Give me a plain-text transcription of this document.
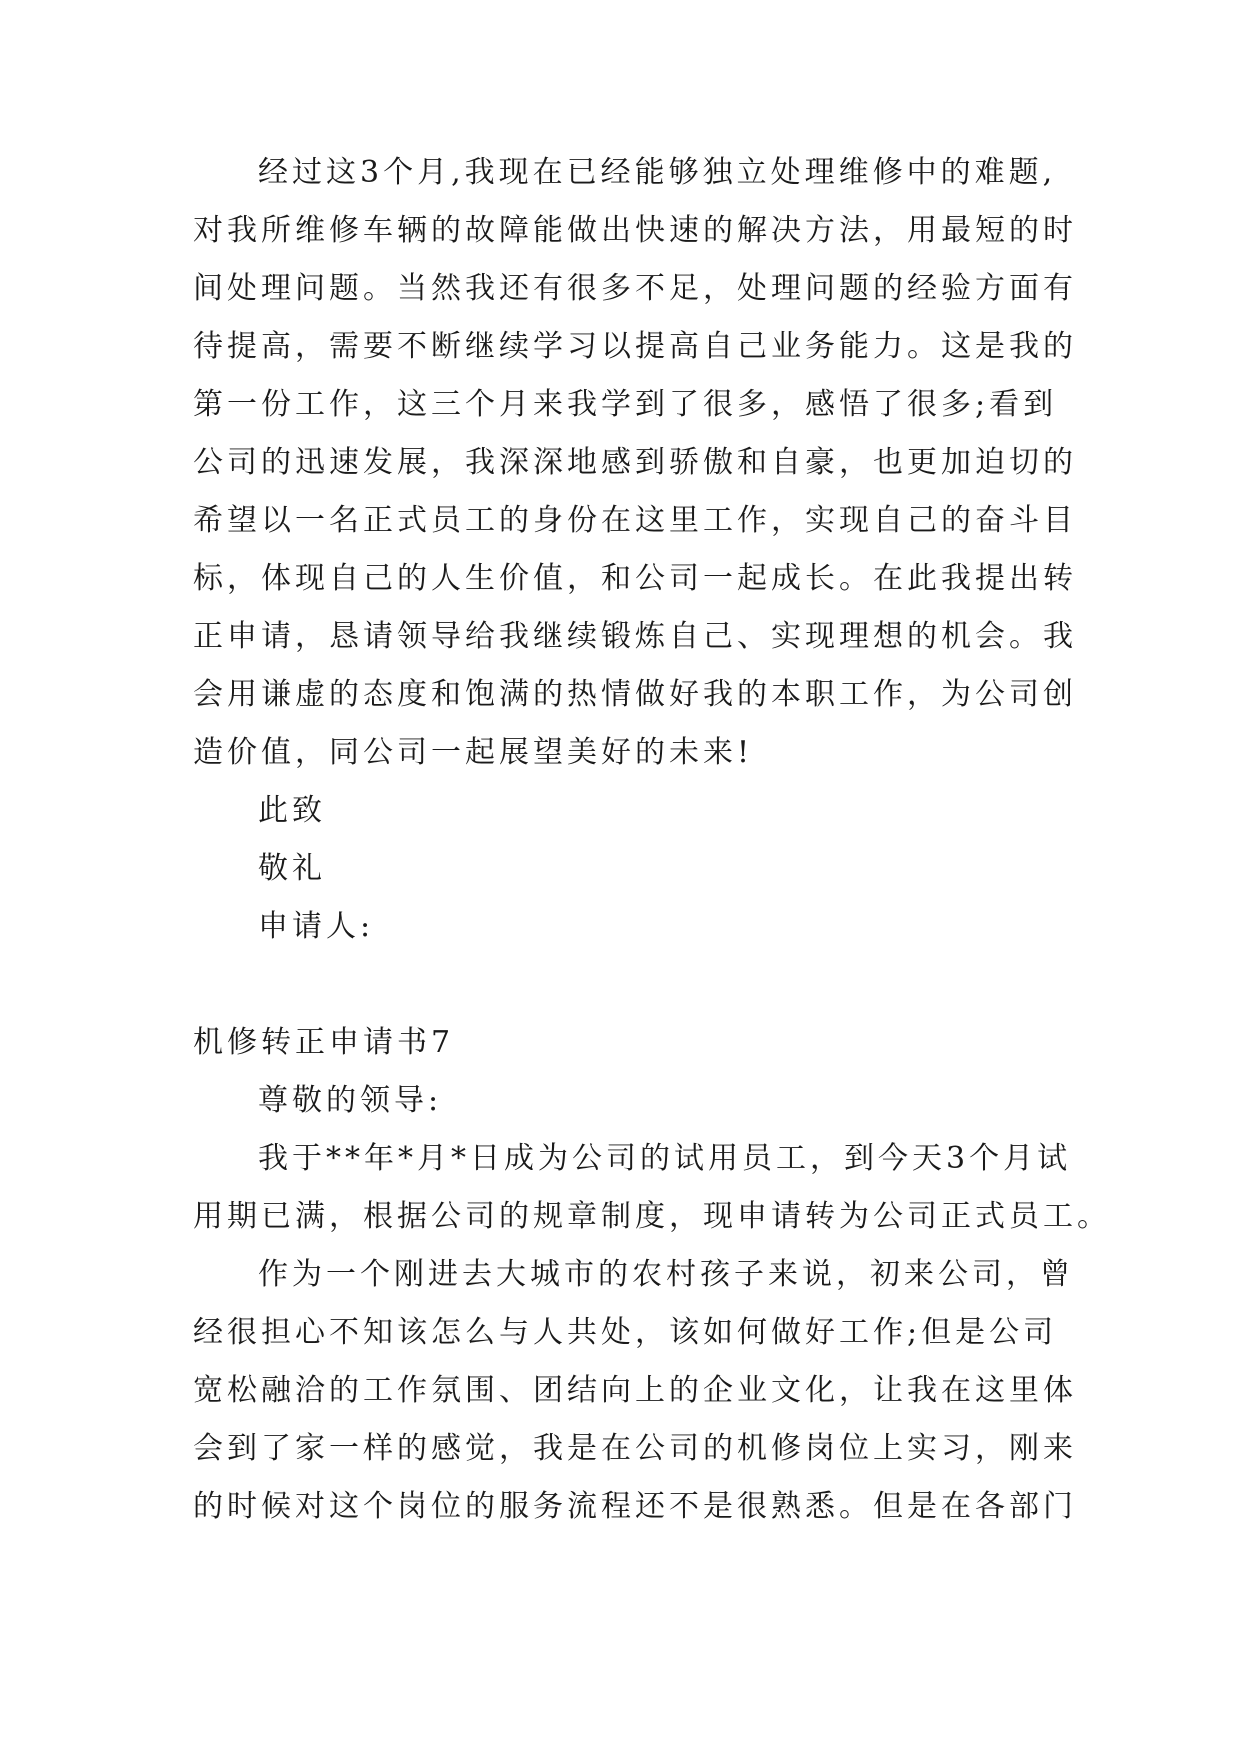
经过这3个月,我现在已经能够独立处理维修中的难题,
对我所维修车辆的故障能做出快速的解决方法，用最短的时
间处理问题。当然我还有很多不足，处理问题的经验方面有
待提高，需要不断继续学习以提高自己业务能力。这是我的
第一份工作，这三个月来我学到了很多，感悟了很多;看到
公司的迅速发展，我深深地感到骄傲和自豪，也更加迫切的
希望以一名正式员工的身份在这里工作，实现自己的奋斗目
标，体现自己的人生价值，和公司一起成长。在此我提出转
正申请，恳请领导给我继续锻炼自己、实现理想的机会。我
会用谦虚的态度和饱满的热情做好我的本职工作，为公司创
造价值，同公司一起展望美好的未来!
此致
敬礼
申请人:
机修转正申请书7
尊敬的领导:
我于**年*月*日成为公司的试用员工，到今天3个月试
用期已满，根据公司的规章制度，现申请转为公司正式员工。
作为一个刚进去大城市的农村孩子来说，初来公司，曾
经很担心不知该怎么与人共处，该如何做好工作;但是公司
宽松融洽的工作氛围、团结向上的企业文化，让我在这里体
会到了家一样的感觉，我是在公司的机修岗位上实习，刚来
的时候对这个岗位的服务流程还不是很熟悉。但是在各部门
